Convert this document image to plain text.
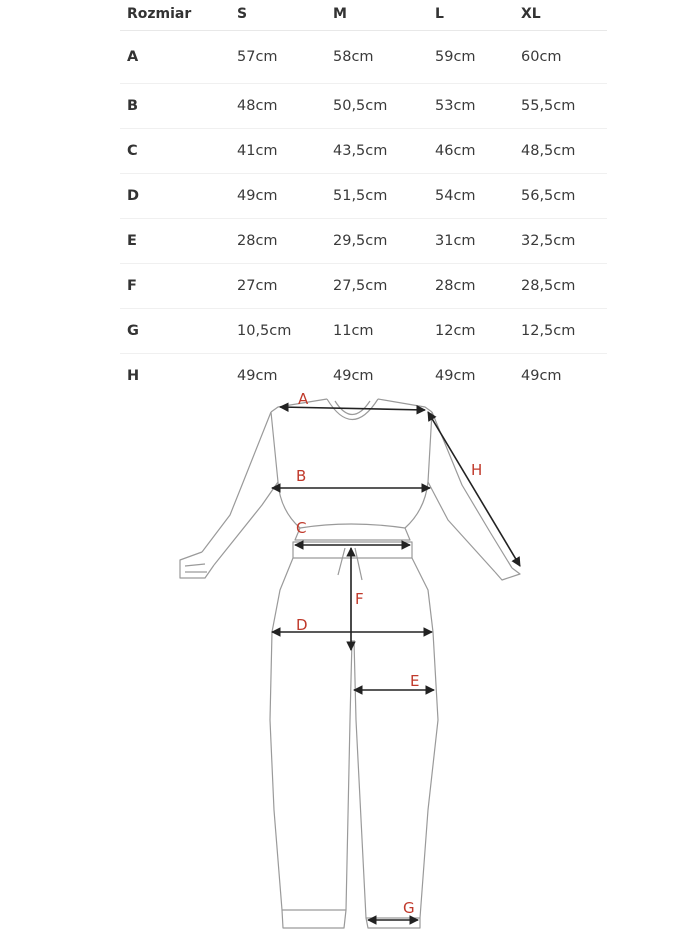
Rozmiar	S	M	L	XL
A	57cm	58cm	59cm	60cm
B	48cm	50,5cm	53cm	55,5cm
C	41cm	43,5cm	46cm	48,5cm
D	49cm	51,5cm	54cm	56,5cm
E	28cm	29,5cm	31cm	32,5cm
F	27cm	27,5cm	28cm	28,5cm
G	10,5cm	11cm	12cm	12,5cm
H	49cm	49cm	49cm	49cm
A
B
C
D
E
F
G
H
